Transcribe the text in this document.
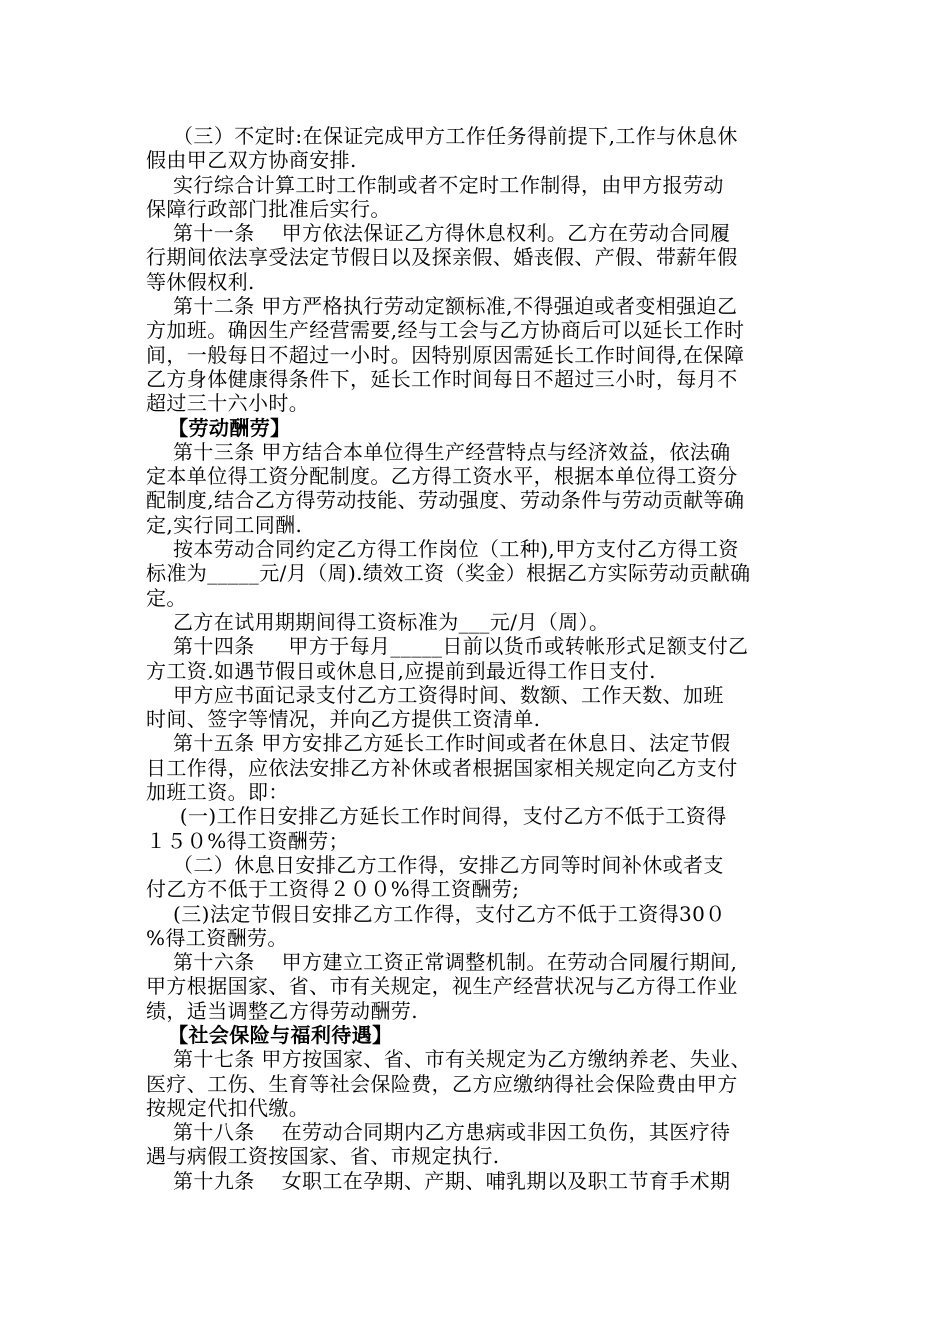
（三）不定时:在保证完成甲方工作任务得前提下,工作与休息休
假由甲乙双方协商安排.
实行综合计算工时工作制或者不定时工作制得，由甲方报劳动
保障行政部门批准后实行。
第十一条    甲方依法保证乙方得休息权利。乙方在劳动合同履
行期间依法享受法定节假日以及探亲假、婚丧假、产假、带薪年假
等休假权利.
第十二条 甲方严格执行劳动定额标准,不得强迫或者变相强迫乙
方加班。确因生产经营需要,经与工会与乙方协商后可以延长工作时
间，一般每日不超过一小时。因特别原因需延长工作时间得,在保障
乙方身体健康得条件下，延长工作时间每日不超过三小时，每月不
超过三十六小时。
【劳动酬劳】
第十三条 甲方结合本单位得生产经营特点与经济效益，依法确
定本单位得工资分配制度。乙方得工资水平，根据本单位得工资分
配制度,结合乙方得劳动技能、劳动强度、劳动条件与劳动贡献等确
定,实行同工同酬.
按本劳动合同约定乙方得工作岗位（工种),甲方支付乙方得工资
标准为_____元/月（周).绩效工资（奖金）根据乙方实际劳动贡献确
定。
乙方在试用期期间得工资标准为___元/月（周）。
第十四条     甲方于每月_____日前以货币或转帐形式足额支付乙
方工资.如遇节假日或休息日,应提前到最近得工作日支付.
甲方应书面记录支付乙方工资得时间、数额、工作天数、加班
时间、签字等情况，并向乙方提供工资清单.
第十五条 甲方安排乙方延长工作时间或者在休息日、法定节假
日工作得，应依法安排乙方补休或者根据国家相关规定向乙方支付
加班工资。即：
(一)工作日安排乙方延长工作时间得，支付乙方不低于工资得
１５０%得工资酬劳；
（二）休息日安排乙方工作得，安排乙方同等时间补休或者支
付乙方不低于工资得２００%得工资酬劳;
(三)法定节假日安排乙方工作得，支付乙方不低于工资得30０
%得工资酬劳。
第十六条    甲方建立工资正常调整机制。在劳动合同履行期间,
甲方根据国家、省、市有关规定，视生产经营状况与乙方得工作业
绩，适当调整乙方得劳动酬劳.
【社会保险与福利待遇】
第十七条 甲方按国家、省、市有关规定为乙方缴纳养老、失业、
医疗、工伤、生育等社会保险费，乙方应缴纳得社会保险费由甲方
按规定代扣代缴。
第十八条    在劳动合同期内乙方患病或非因工负伤，其医疗待
遇与病假工资按国家、省、市规定执行.
第十九条    女职工在孕期、产期、哺乳期以及职工节育手术期
